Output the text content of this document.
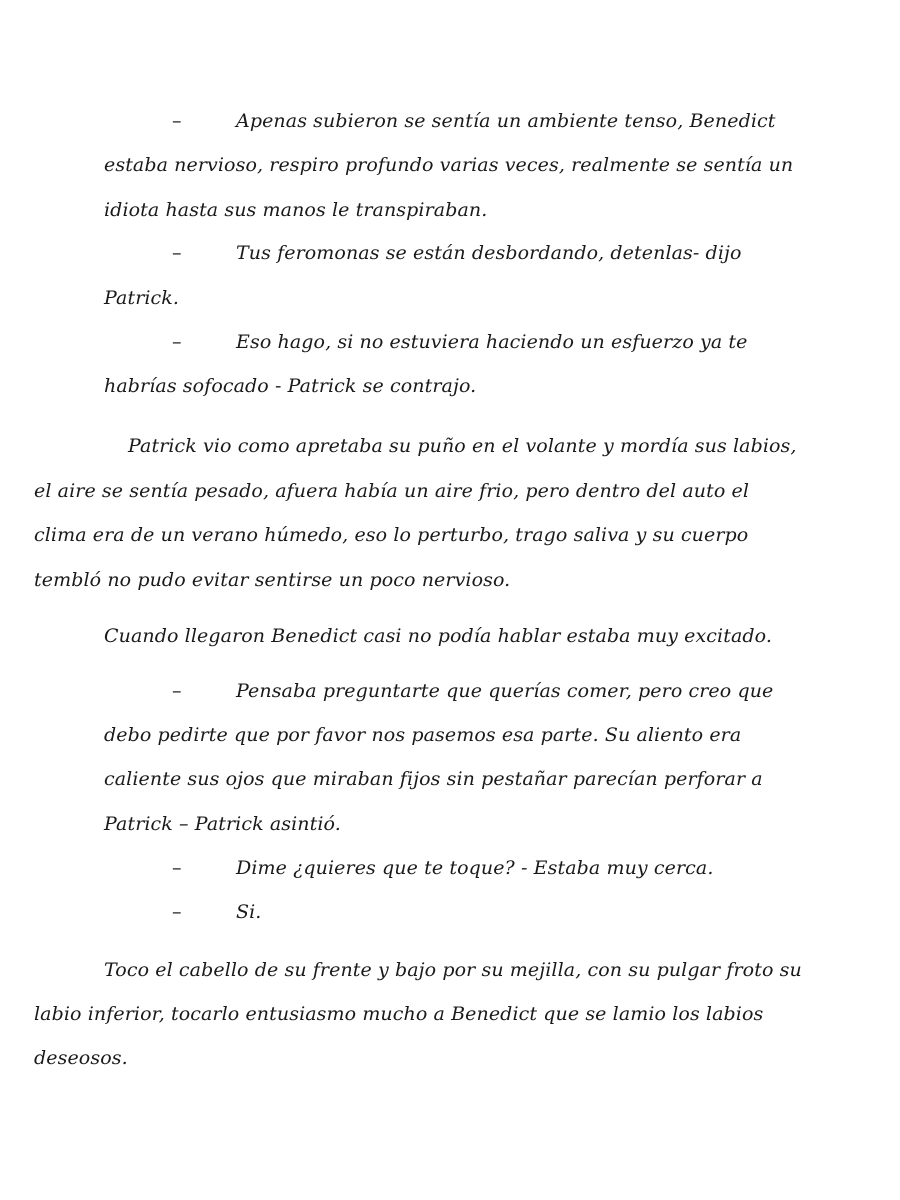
–	Apenas subieron se sentía un ambiente tenso, Benedict
estaba nervioso, respiro profundo varias veces, realmente se sentía un
idiota hasta sus manos le transpiraban.
–	Tus feromonas se están desbordando, detenlas- dijo
Patrick.
–	Eso hago, si no estuviera haciendo un esfuerzo ya te
habrías sofocado - Patrick se contrajo.
Patrick vio como apretaba su puño en el volante y mordía sus labios,
el aire se sentía pesado, afuera había un aire frio, pero dentro del auto el
clima era de un verano húmedo, eso lo perturbo, trago saliva y su cuerpo
tembló no pudo evitar sentirse un poco nervioso.
Cuando llegaron Benedict casi no podía hablar estaba muy excitado.
–	Pensaba preguntarte que querías comer, pero creo que
debo pedirte que por favor nos pasemos esa parte. Su aliento era
caliente sus ojos que miraban fijos sin pestañar parecían perforar a
Patrick – Patrick asintió.
–	Dime ¿quieres que te toque? - Estaba muy cerca.
–	Si.
Toco el cabello de su frente y bajo por su mejilla, con su pulgar froto su
labio inferior, tocarlo entusiasmo mucho a Benedict que se lamio los labios
deseosos.
